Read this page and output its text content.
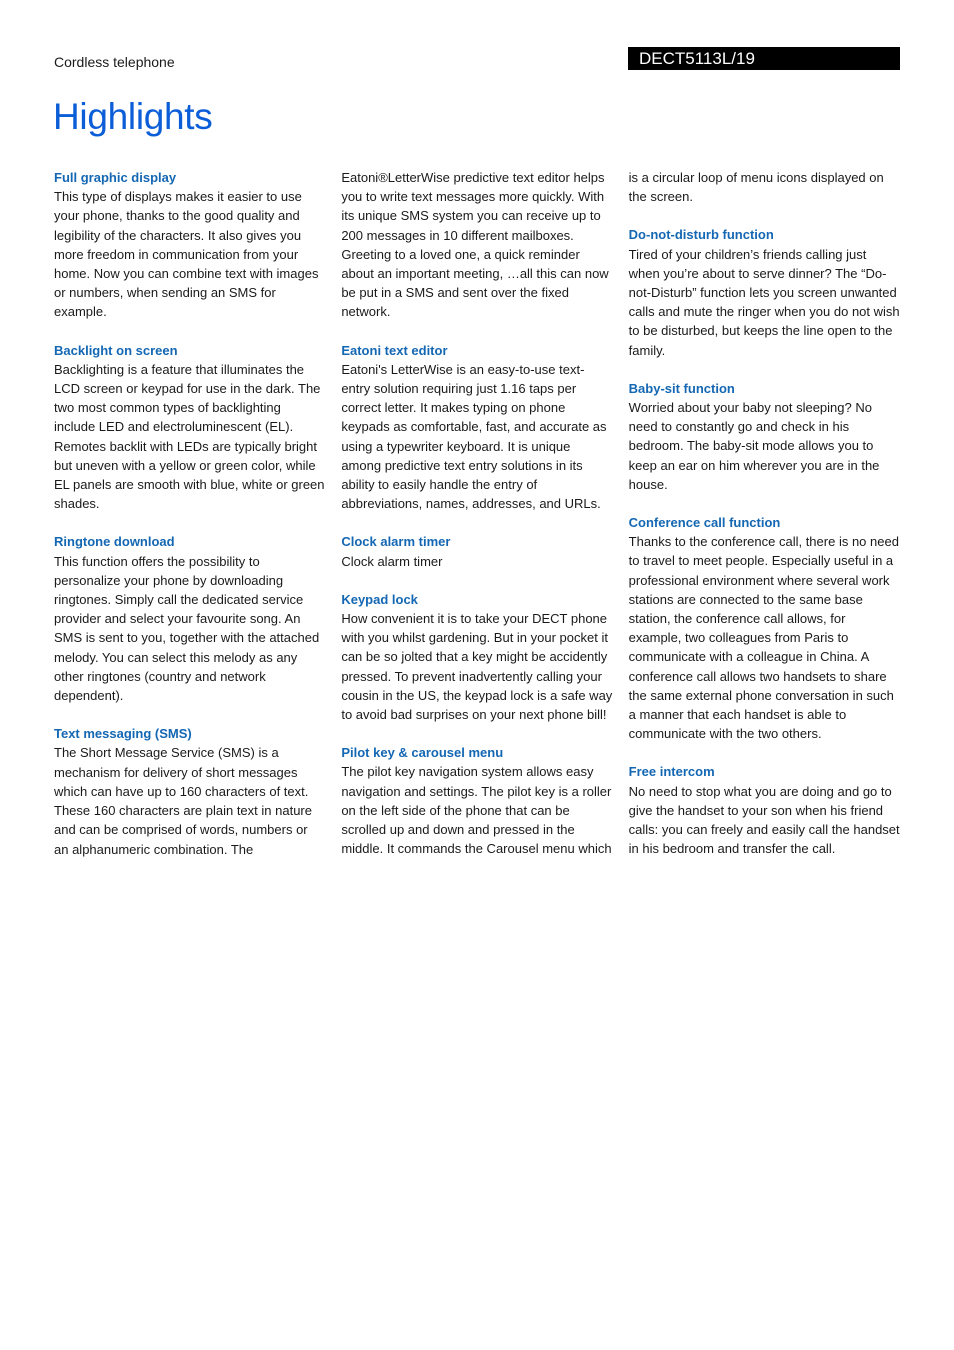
Cordless telephone	DECT5113L/19
Highlights
Full graphic display

This type of displays makes it easier to use your phone, thanks to the good quality and legibility of the characters. It also gives you more freedom in communication from your home. Now you can combine text with images or numbers, when sending an SMS for example.

Backlight on screen

Backlighting is a feature that illuminates the LCD screen or keypad for use in the dark. The two most common types of backlighting include LED and electroluminescent (EL). Remotes backlit with LEDs are typically bright but uneven with a yellow or green color, while EL panels are smooth with blue, white or green shades.

Ringtone download

This function offers the possibility to personalize your phone by downloading ringtones. Simply call the dedicated service provider and select your favourite song. An SMS is sent to you, together with the attached melody. You can select this melody as any other ringtones (country and network dependent).

Text messaging (SMS)

The Short Message Service (SMS) is a mechanism for delivery of short messages which can have up to 160 characters of text. These 160 characters are plain text in nature and can be comprised of words, numbers or an alphanumeric combination. The Eatoni®LetterWise predictive text editor helps you to write text messages more quickly. With its unique SMS system you can receive up to 200 messages in 10 different mailboxes. Greeting to a loved one, a quick reminder about an important meeting, …all this can now be put in a SMS and sent over the fixed network.

Eatoni text editor

Eatoni's LetterWise is an easy-to-use text-entry solution requiring just 1.16 taps per correct letter. It makes typing on phone keypads as comfortable, fast, and accurate as using a typewriter keyboard. It is unique among predictive text entry solutions in its ability to easily handle the entry of abbreviations, names, addresses, and URLs.

Clock alarm timer

Clock alarm timer

Keypad lock

How convenient it is to take your DECT phone with you whilst gardening. But in your pocket it can be so jolted that a key might be accidently pressed. To prevent inadvertently calling your cousin in the US, the keypad lock is a safe way to avoid bad surprises on your next phone bill!

Pilot key & carousel menu

The pilot key navigation system allows easy navigation and settings. The pilot key is a roller on the left side of the phone that can be scrolled up and down and pressed in the middle. It commands the Carousel menu which is a circular loop of menu icons displayed on the screen.

Do-not-disturb function

Tired of your children’s friends calling just when you’re about to serve dinner? The “Do-not-Disturb” function lets you screen unwanted calls and mute the ringer when you do not wish to be disturbed, but keeps the line open to the family.

Baby-sit function

Worried about your baby not sleeping? No need to constantly go and check in his bedroom. The baby-sit mode allows you to keep an ear on him wherever you are in the house.

Conference call function

Thanks to the conference call, there is no need to travel to meet people. Especially useful in a professional environment where several work stations are connected to the same base station, the conference call allows, for example, two colleagues from Paris to communicate with a colleague in China. A conference call allows two handsets to share the same external phone conversation in such a manner that each handset is able to communicate with the two others.

Free intercom

No need to stop what you are doing and go to give the handset to your son when his friend calls: you can freely and easily call the handset in his bedroom and transfer the call.
